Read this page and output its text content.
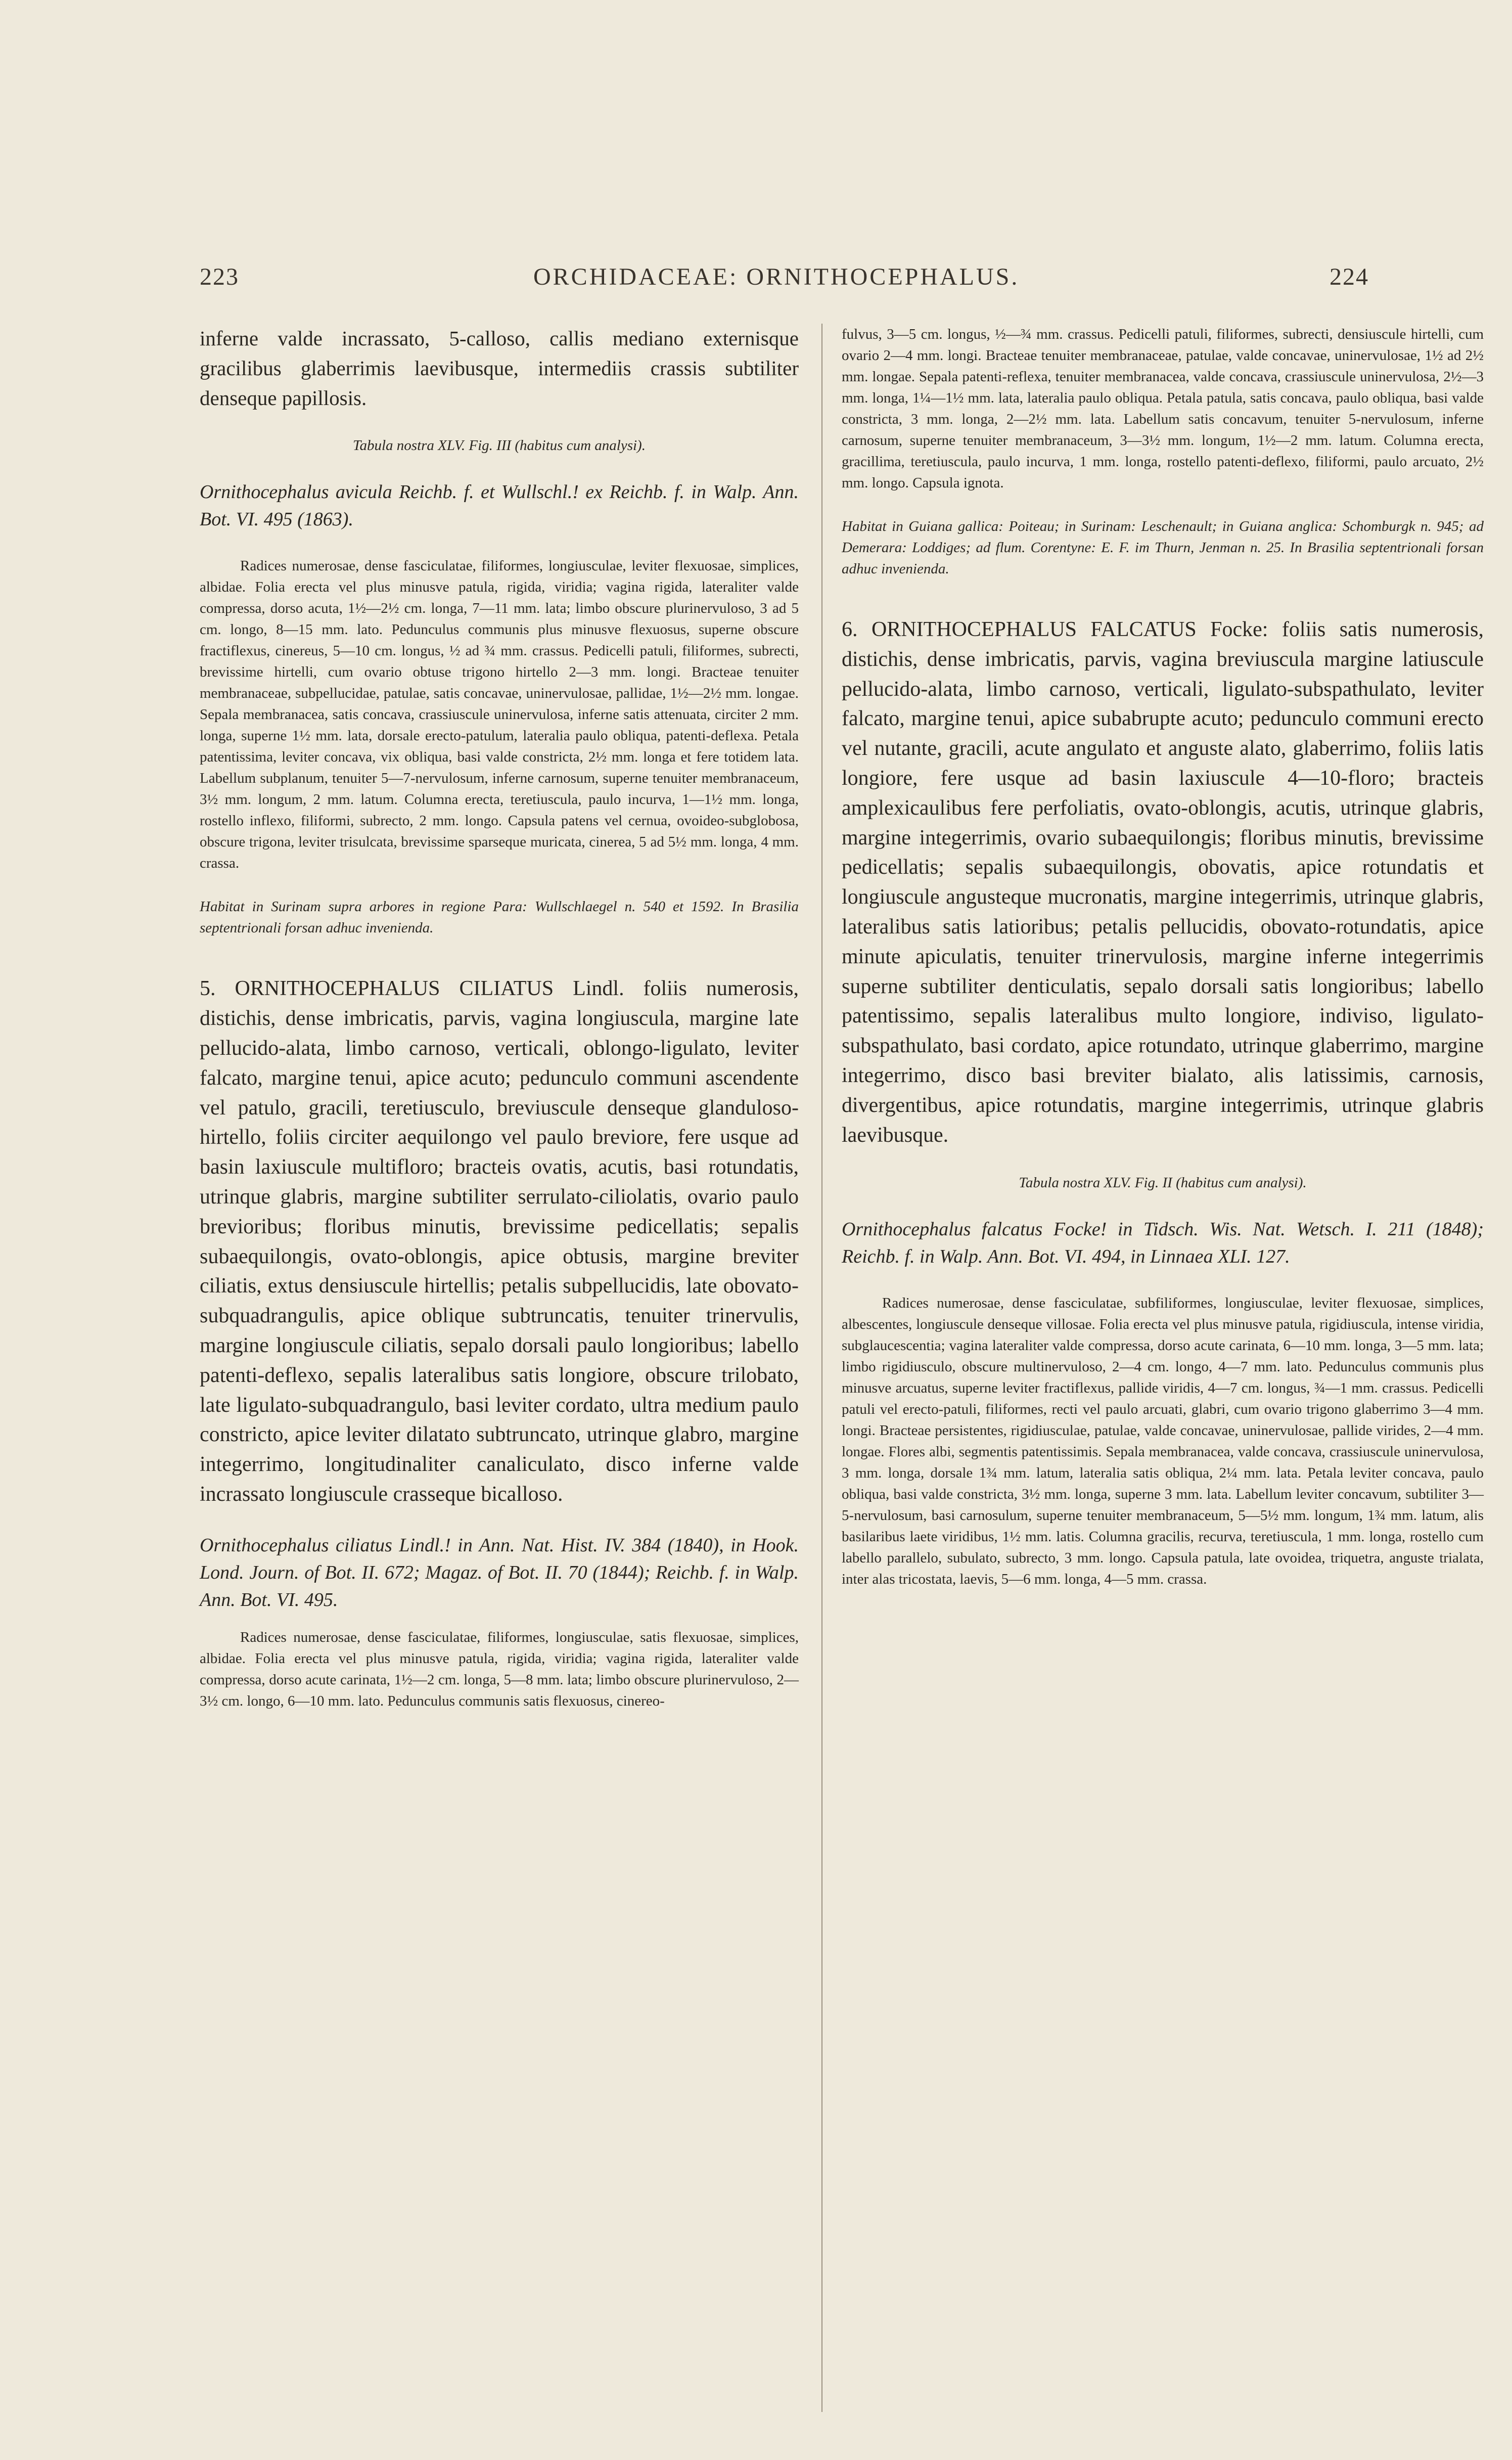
223	ORCHIDACEAE: ORNITHOCEPHALUS.	224

inferne valde incrassato, 5-calloso, callis mediano externisque gracilibus glaberrimis laevibusque, intermediis crassis subtiliter denseque papillosis.

Tabula nostra XLV. Fig. III (habitus cum analysi).

Ornithocephalus avicula Reichb. f. et Wullschl.! ex Reichb. f. in Walp. Ann. Bot. VI. 495 (1863).

Radices numerosae, dense fasciculatae, filiformes, longiusculae, leviter flexuosae, simplices, albidae. Folia erecta vel plus minusve patula, rigida, viridia; vagina rigida, lateraliter valde compressa, dorso acuta, 1½—2½ cm. longa, 7—11 mm. lata; limbo obscure plurinervuloso, 3 ad 5 cm. longo, 8—15 mm. lato. Pedunculus communis plus minusve flexuosus, superne obscure fractiflexus, cinereus, 5—10 cm. longus, ½ ad ¾ mm. crassus. Pedicelli patuli, filiformes, subrecti, brevissime hirtelli, cum ovario obtuse trigono hirtello 2—3 mm. longi. Bracteae tenuiter membranaceae, subpellucidae, patulae, satis concavae, uninervulosae, pallidae, 1½—2½ mm. longae. Sepala membranacea, satis concava, crassiuscule uninervulosa, inferne satis attenuata, circiter 2 mm. longa, superne 1½ mm. lata, dorsale erecto-patulum, lateralia paulo obliqua, patenti-deflexa. Petala patentissima, leviter concava, vix obliqua, basi valde constricta, 2½ mm. longa et fere totidem lata. Labellum subplanum, tenuiter 5—7-nervulosum, inferne carnosum, superne tenuiter membranaceum, 3½ mm. longum, 2 mm. latum. Columna erecta, teretiuscula, paulo incurva, 1—1½ mm. longa, rostello inflexo, filiformi, subrecto, 2 mm. longo. Capsula patens vel cernua, ovoideo-subglobosa, obscure trigona, leviter trisulcata, brevissime sparseque muricata, cinerea, 5 ad 5½ mm. longa, 4 mm. crassa.

Habitat in Surinam supra arbores in regione Para: Wullschlaegel n. 540 et 1592. In Brasilia septentrionali forsan adhuc invenienda.

5. ORNITHOCEPHALUS CILIATUS Lindl. foliis numerosis, distichis, dense imbricatis, parvis, vagina longiuscula, margine late pellucido-alata, limbo carnoso, verticali, oblongo-ligulato, leviter falcato, margine tenui, apice acuto; pedunculo communi ascendente vel patulo, gracili, teretiusculo, breviuscule denseque glanduloso-hirtello, foliis circiter aequilongo vel paulo breviore, fere usque ad basin laxiuscule multifloro; bracteis ovatis, acutis, basi rotundatis, utrinque glabris, margine subtiliter serrulato-ciliolatis, ovario paulo brevioribus; floribus minutis, brevissime pedicellatis; sepalis subaequilongis, ovato-oblongis, apice obtusis, margine breviter ciliatis, extus densiuscule hirtellis; petalis subpellucidis, late obovato-subquadrangulis, apice oblique subtruncatis, tenuiter trinervulis, margine longiuscule ciliatis, sepalo dorsali paulo longioribus; labello patenti-deflexo, sepalis lateralibus satis longiore, obscure trilobato, late ligulato-subquadrangulo, basi leviter cordato, ultra medium paulo constricto, apice leviter dilatato subtruncato, utrinque glabro, margine integerrimo, longitudinaliter canaliculato, disco inferne valde incrassato longiuscule crasseque bicalloso.

Ornithocephalus ciliatus Lindl.! in Ann. Nat. Hist. IV. 384 (1840), in Hook. Lond. Journ. of Bot. II. 672; Magaz. of Bot. II. 70 (1844); Reichb. f. in Walp. Ann. Bot. VI. 495.

Radices numerosae, dense fasciculatae, filiformes, longiusculae, satis flexuosae, simplices, albidae. Folia erecta vel plus minusve patula, rigida, viridia; vagina rigida, lateraliter valde compressa, dorso acute carinata, 1½—2 cm. longa, 5—8 mm. lata; limbo obscure plurinervuloso, 2—3½ cm. longo, 6—10 mm. lato. Pedunculus communis satis flexuosus, cinereo-

fulvus, 3—5 cm. longus, ½—¾ mm. crassus. Pedicelli patuli, filiformes, subrecti, densiuscule hirtelli, cum ovario 2—4 mm. longi. Bracteae tenuiter membranaceae, patulae, valde concavae, uninervulosae, 1½ ad 2½ mm. longae. Sepala patenti-reflexa, tenuiter membranacea, valde concava, crassiuscule uninervulosa, 2½—3 mm. longa, 1¼—1½ mm. lata, lateralia paulo obliqua. Petala patula, satis concava, paulo obliqua, basi valde constricta, 3 mm. longa, 2—2½ mm. lata. Labellum satis concavum, tenuiter 5-nervulosum, inferne carnosum, superne tenuiter membranaceum, 3—3½ mm. longum, 1½—2 mm. latum. Columna erecta, gracillima, teretiuscula, paulo incurva, 1 mm. longa, rostello patenti-deflexo, filiformi, paulo arcuato, 2½ mm. longo. Capsula ignota.

Habitat in Guiana gallica: Poiteau; in Surinam: Leschenault; in Guiana anglica: Schomburgk n. 945; ad Demerara: Loddiges; ad flum. Corentyne: E. F. im Thurn, Jenman n. 25. In Brasilia septentrionali forsan adhuc invenienda.

6. ORNITHOCEPHALUS FALCATUS Focke: foliis satis numerosis, distichis, dense imbricatis, parvis, vagina breviuscula margine latiuscule pellucido-alata, limbo carnoso, verticali, ligulato-subspathulato, leviter falcato, margine tenui, apice subabrupte acuto; pedunculo communi erecto vel nutante, gracili, acute angulato et anguste alato, glaberrimo, foliis latis longiore, fere usque ad basin laxiuscule 4—10-floro; bracteis amplexicaulibus fere perfoliatis, ovato-oblongis, acutis, utrinque glabris, margine integerrimis, ovario subaequilongis; floribus minutis, brevissime pedicellatis; sepalis subaequilongis, obovatis, apice rotundatis et longiuscule angusteque mucronatis, margine integerrimis, utrinque glabris, lateralibus satis latioribus; petalis pellucidis, obovato-rotundatis, apice minute apiculatis, tenuiter trinervulosis, margine inferne integerrimis superne subtiliter denticulatis, sepalo dorsali satis longioribus; labello patentissimo, sepalis lateralibus multo longiore, indiviso, ligulato-subspathulato, basi cordato, apice rotundato, utrinque glaberrimo, margine integerrimo, disco basi breviter bialato, alis latissimis, carnosis, divergentibus, apice rotundatis, margine integerrimis, utrinque glabris laevibusque.

Tabula nostra XLV. Fig. II (habitus cum analysi).

Ornithocephalus falcatus Focke! in Tidsch. Wis. Nat. Wetsch. I. 211 (1848); Reichb. f. in Walp. Ann. Bot. VI. 494, in Linnaea XLI. 127.

Radices numerosae, dense fasciculatae, subfiliformes, longiusculae, leviter flexuosae, simplices, albescentes, longiuscule denseque villosae. Folia erecta vel plus minusve patula, rigidiuscula, intense viridia, subglaucescentia; vagina lateraliter valde compressa, dorso acute carinata, 6—10 mm. longa, 3—5 mm. lata; limbo rigidiusculo, obscure multinervuloso, 2—4 cm. longo, 4—7 mm. lato. Pedunculus communis plus minusve arcuatus, superne leviter fractiflexus, pallide viridis, 4—7 cm. longus, ¾—1 mm. crassus. Pedicelli patuli vel erecto-patuli, filiformes, recti vel paulo arcuati, glabri, cum ovario trigono glaberrimo 3—4 mm. longi. Bracteae persistentes, rigidiusculae, patulae, valde concavae, uninervulosae, pallide virides, 2—4 mm. longae. Flores albi, segmentis patentissimis. Sepala membranacea, valde concava, crassiuscule uninervulosa, 3 mm. longa, dorsale 1¾ mm. latum, lateralia satis obliqua, 2¼ mm. lata. Petala leviter concava, paulo obliqua, basi valde constricta, 3½ mm. longa, superne 3 mm. lata. Labellum leviter concavum, subtiliter 3—5-nervulosum, basi carnosulum, superne tenuiter membranaceum, 5—5½ mm. longum, 1¾ mm. latum, alis basilaribus laete viridibus, 1½ mm. latis. Columna gracilis, recurva, teretiuscula, 1 mm. longa, rostello cum labello parallelo, subulato, subrecto, 3 mm. longo. Capsula patula, late ovoidea, triquetra, anguste trialata, inter alas tricostata, laevis, 5—6 mm. longa, 4—5 mm. crassa.
